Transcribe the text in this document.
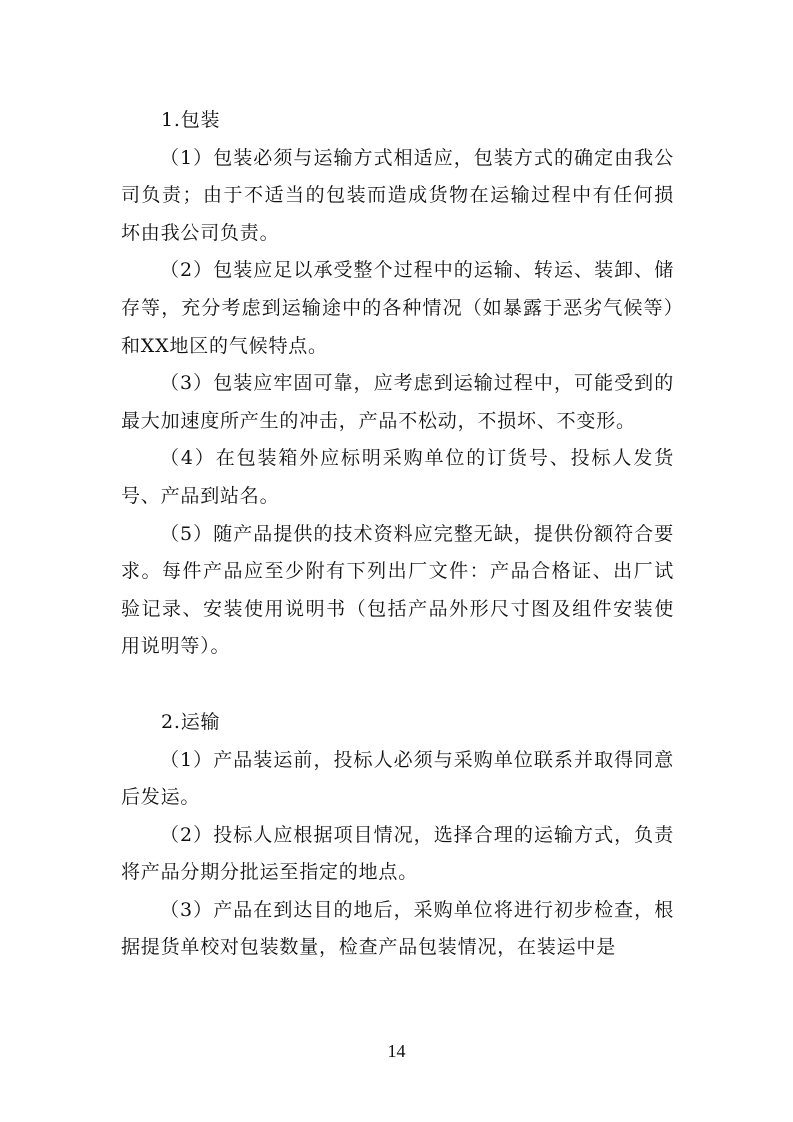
1.包装

（1）包装必须与运输方式相适应，包装方式的确定由我公司负责；由于不适当的包装而造成货物在运输过程中有任何损坏由我公司负责。

（2）包装应足以承受整个过程中的运输、转运、装卸、储存等，充分考虑到运输途中的各种情况（如暴露于恶劣气候等）和XX地区的气候特点。

（3）包装应牢固可靠，应考虑到运输过程中，可能受到的最大加速度所产生的冲击，产品不松动，不损坏、不变形。

（4）在包装箱外应标明采购单位的订货号、投标人发货号、产品到站名。

（5）随产品提供的技术资料应完整无缺，提供份额符合要求。每件产品应至少附有下列出厂文件：产品合格证、出厂试验记录、安装使用说明书（包括产品外形尺寸图及组件安装使用说明等）。

2.运输

（1）产品装运前，投标人必须与采购单位联系并取得同意后发运。

（2）投标人应根据项目情况，选择合理的运输方式，负责将产品分期分批运至指定的地点。

（3）产品在到达目的地后，采购单位将进行初步检查，根据提货单校对包装数量，检查产品包装情况，在装运中是

14
